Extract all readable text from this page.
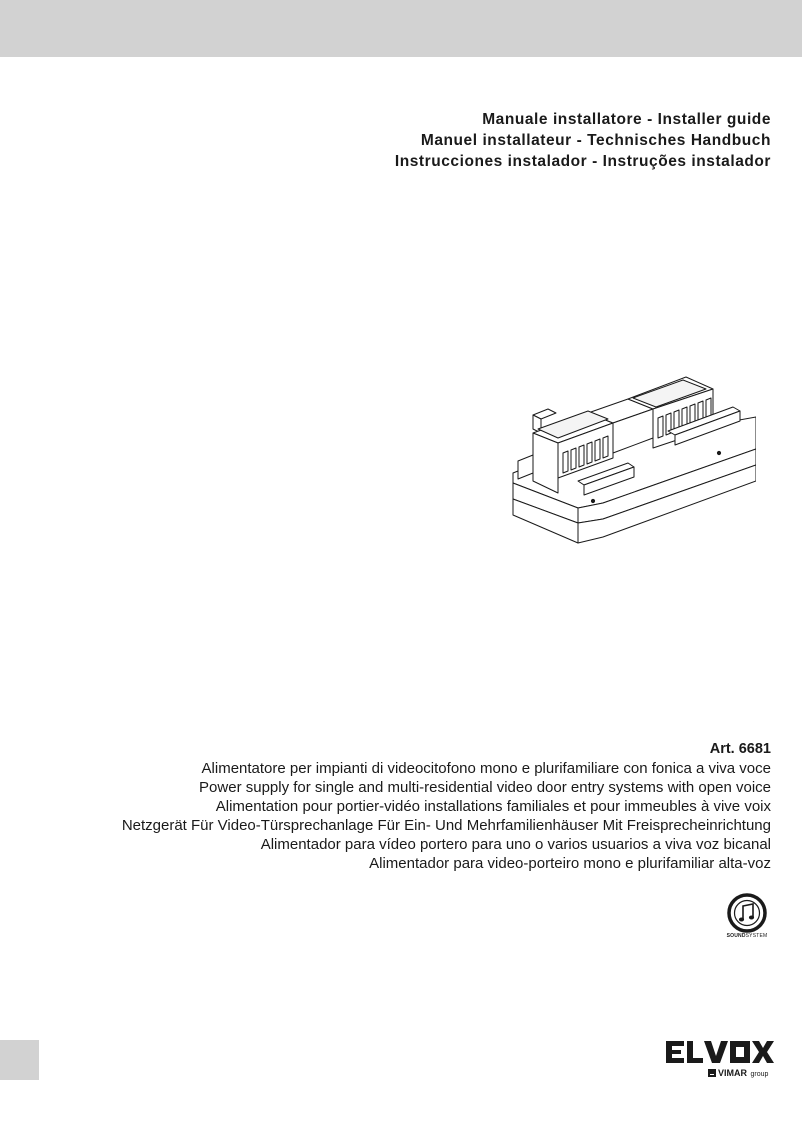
Manuale installatore - Installer guide
Manuel installateur - Technisches Handbuch
Instrucciones instalador - Instruções instalador
Art. 6681
Alimentatore per impianti di videocitofono mono e plurifamiliare con fonica a viva voce
Power supply for single and multi-residential video door entry systems with open voice
Alimentation pour portier-vidéo installations familiales et pour immeubles à vive voix
Netzgerät Für Video-Türsprechanlage Für Ein- Und Mehrfamilienhäuser Mit Freisprecheinrichtung
Alimentador para vídeo portero para uno o varios usuarios a viva voz bicanal
Alimentador para video-porteiro mono e plurifamiliar alta-voz
SOUNDSYSTEM
VIMAR group
